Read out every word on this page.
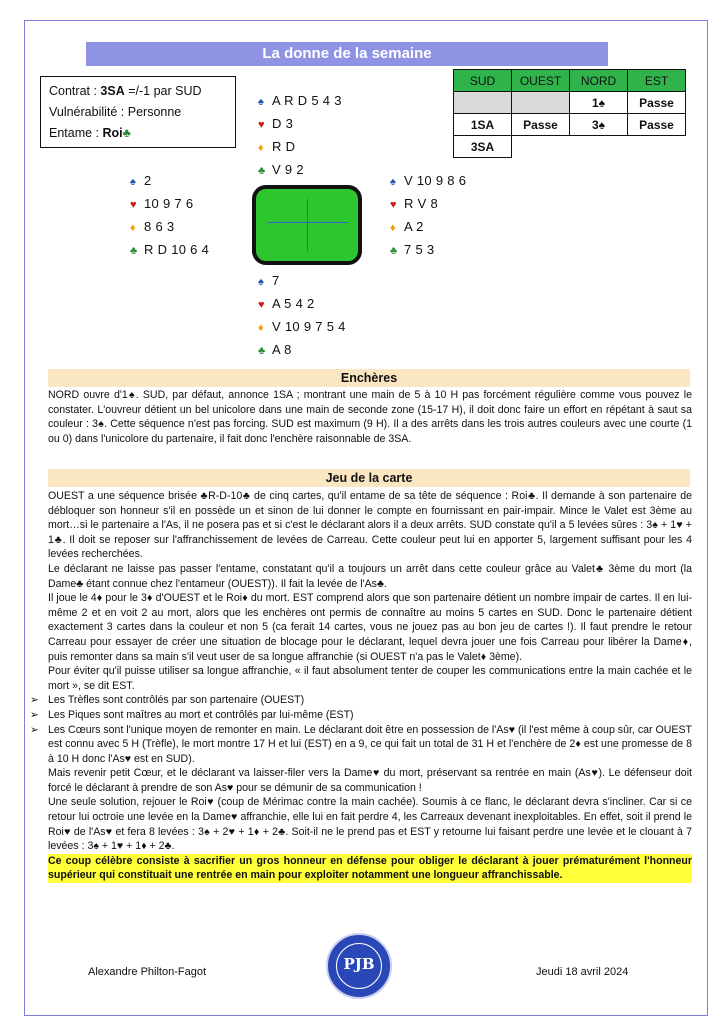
La donne de la semaine
Contrat : 3SA =/-1 par SUD
Vulnérabilité : Personne
Entame : Roi♣
SUD	OUEST	NORD	EST
		1♠	Passe
1SA	Passe	3♠	Passe
3SA			
♠ A R D 5 4 3
♥ D 3
♦ R D
♣ V 9 2
♠ 2
♥ 10 9 7 6
♦ 8 6 3
♣ R D 10 6 4
♠ V 10 9 8 6
♥ R V 8
♦ A 2
♣ 7 5 3
♠ 7
♥ A 5 4 2
♦ V 10 9 7 5 4
♣ A 8
Enchères

NORD ouvre d'1♠. SUD, par défaut, annonce 1SA ; montrant une main de 5 à 10 H pas forcément régulière comme vous pouvez le constater. L'ouvreur détient un bel unicolore dans une main de seconde zone (15-17 H), il doit donc faire un effort en répétant à saut sa couleur : 3♠. Cette séquence n'est pas forcing. SUD est maximum (9 H). Il a des arrêts dans les trois autres couleurs avec une courte (1 ou 0) dans l'unicolore du partenaire, il fait donc l'enchère raisonnable de 3SA.

Jeu de la carte

OUEST a une séquence brisée ♣R-D-10♣ de cinq cartes, qu'il entame de sa tête de séquence : Roi♣. Il demande à son partenaire de débloquer son honneur s'il en possède un et sinon de lui donner le compte en fournissant en pair-impair. Mince le Valet est 3ème au mort…si le partenaire a l'As, il ne posera pas et si c'est le déclarant alors il a deux arrêts. SUD constate qu'il a 5 levées sûres : 3♠ + 1♥ + 1♣. Il doit se reposer sur l'affranchissement de levées de Carreau. Cette couleur peut lui en apporter 5, largement suffisant pour les 4 levées recherchées.

Le déclarant ne laisse pas passer l'entame, constatant qu'il a toujours un arrêt dans cette couleur grâce au Valet♣ 3ème du mort (la Dame♣ étant connue chez l'entameur (OUEST)). Il fait la levée de l'As♣.

Il joue le 4♦ pour le 3♦ d'OUEST et le Roi♦ du mort. EST comprend alors que son partenaire détient un nombre impair de cartes. Il en lui-même 2 et en voit 2 au mort, alors que les enchères ont permis de connaître au moins 5 cartes en SUD. Donc le partenaire détient exactement 3 cartes dans la couleur et non 5 (ca ferait 14 cartes, vous ne jouez pas au bon jeu de cartes !). Il faut prendre le retour Carreau pour essayer de créer une situation de blocage pour le déclarant, lequel devra jouer une fois Carreau pour libérer la Dame♦, puis remonter dans sa main s'il veut user de sa longue affranchie (si OUEST n'a pas le Valet♦ 3ème).

Pour éviter qu'il puisse utiliser sa longue affranchie, « il faut absolument tenter de couper les communications entre la main cachée et le mort », se dit EST.

➢ Les Trèfles sont contrôlés par son partenaire (OUEST)

➢ Les Piques sont maîtres au mort et contrôlés par lui-même (EST)

➢ Les Cœurs sont l'unique moyen de remonter en main. Le déclarant doit être en possession de l'As♥ (il l'est même à coup sûr, car OUEST est connu avec 5 H (Trèfle), le mort montre 17 H et lui (EST) en a 9, ce qui fait un total de 31 H et l'enchère de 2♦ est une promesse de 8 à 10 H donc l'As♥ est en SUD).

Mais revenir petit Cœur, et le déclarant va laisser-filer vers la Dame♥ du mort, préservant sa rentrée en main (As♥). Le défenseur doit forcé le déclarant à prendre de son As♥ pour se démunir de sa communication !

Une seule solution, rejouer le Roi♥ (coup de Mérimac contre la main cachée). Soumis à ce flanc, le déclarant devra s'incliner. Car si ce retour lui octroie une levée en la Dame♥ affranchie, elle lui en fait perdre 4, les Carreaux devenant inexploitables. En effet, soit il prend le Roi♥ de l'As♥ et fera 8 levées : 3♠ + 2♥ + 1♦ + 2♣. Soit-il ne le prend pas et EST y retourne lui faisant perdre une levée et le clouant à 7 levées : 3♠ + 1♥ + 1♦ + 2♣.

Ce coup célèbre consiste à sacrifier un gros honneur en défense pour obliger le déclarant à jouer prématurément l'honneur supérieur qui constituait une rentrée en main pour exploiter notamment une longueur affranchissable.

Alexandre Philton-Fagot	PJB	Jeudi 18 avril 2024
